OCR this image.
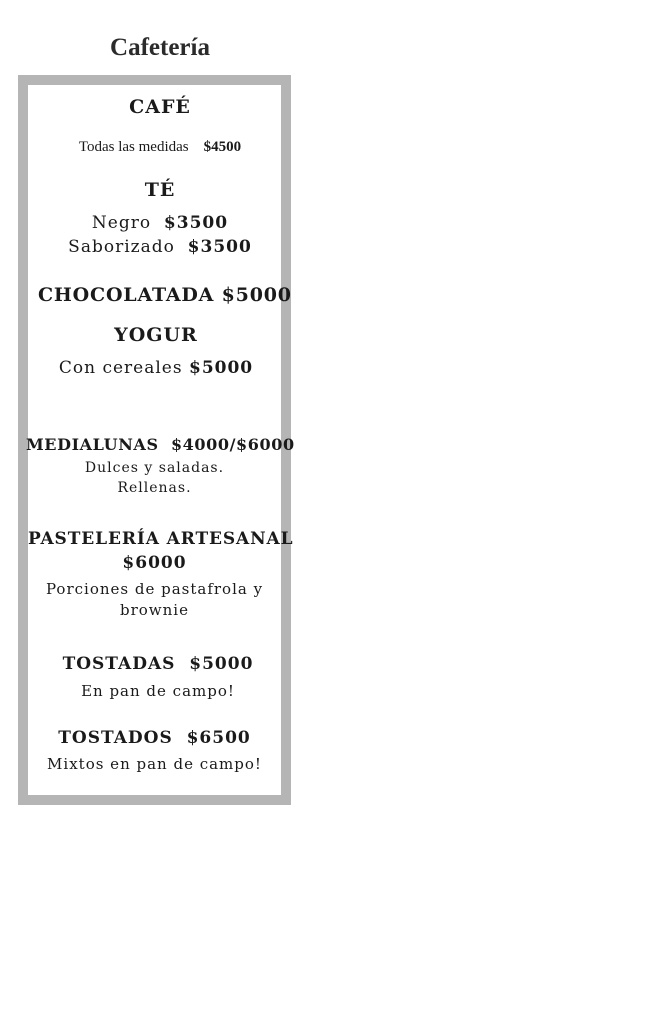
Cafetería
CAFÉ
Todas las medidas $4500
TÉ
Negro $3500
Saborizado $3500
CHOCOLATADA $5000
YOGUR
Con cereales $5000
MEDIALUNAS $4000/$6000
Dulces y saladas.
Rellenas.
PASTELERÍA ARTESANAL
$6000
Porciones de pastafrola y
brownie
TOSTADAS $5000
En pan de campo!
TOSTADOS $6500
Mixtos en pan de campo!
